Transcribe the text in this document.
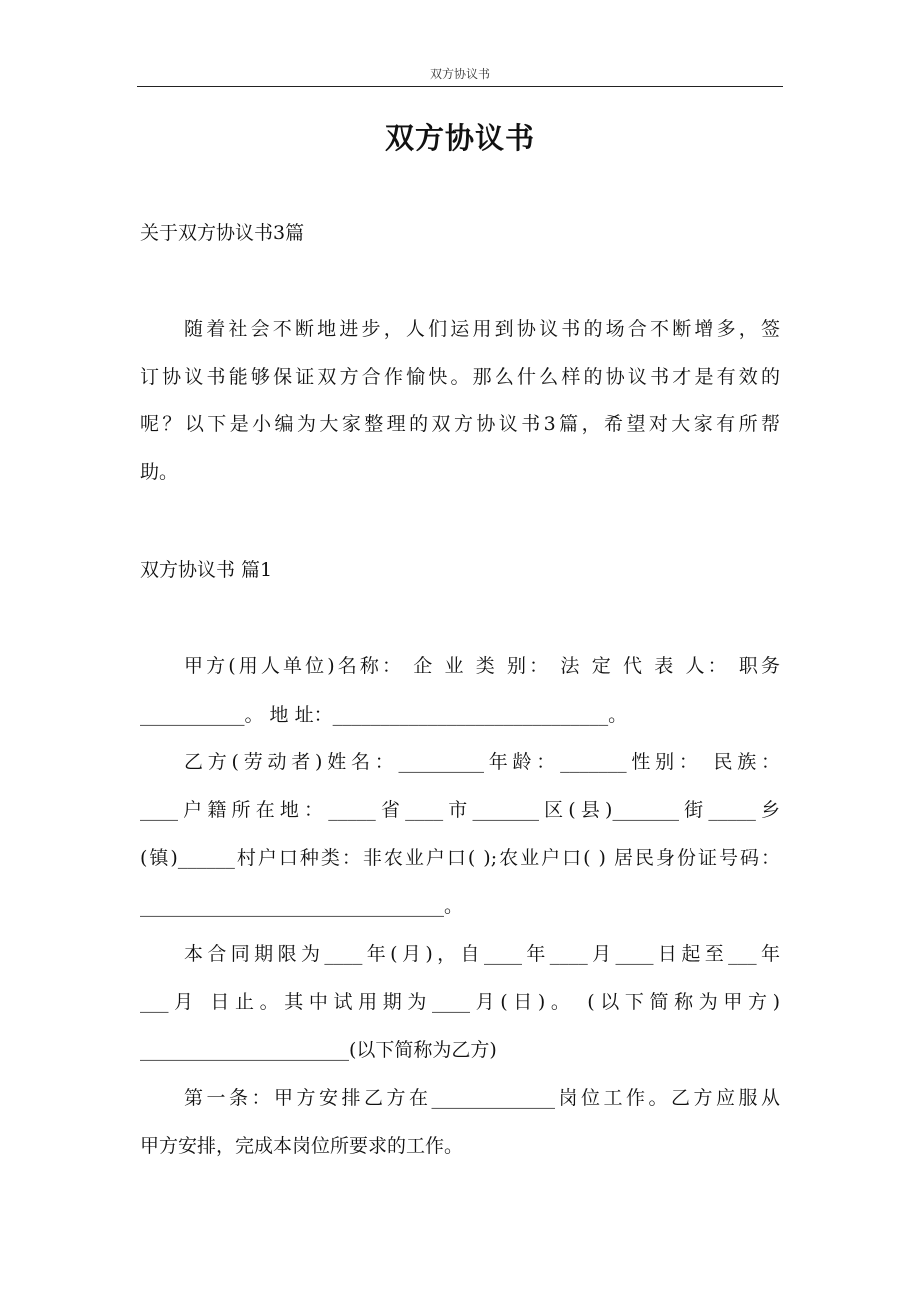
双方协议书
双方协议书
关于双方协议书3篇
随着社会不断地进步，人们运用到协议书的场合不断增多，签
订协议书能够保证双方合作愉快。那么什么样的协议书才是有效的
呢？以下是小编为大家整理的双方协议书3篇，希望对大家有所帮
助。
双方协议书 篇1
甲方(用人单位)名称： 企 业 类 别： 法 定 代 表 人： 职务
___________。 地 址：_____________________________。
乙方(劳动者)姓名：_________年龄：_______性别： 民族：
____户籍所在地：_____省____市_______区(县)_______街_____乡
(镇)______村户口种类：非农业户口( );农业户口( ) 居民身份证号码：
________________________________。
本合同期限为____年(月)，自____年____月____日起至___年
___月 日止。其中试用期为____月(日)。 (以下简称为甲方)
______________________(以下简称为乙方)
第一条：甲方安排乙方在_____________岗位工作。乙方应服从
甲方安排，完成本岗位所要求的工作。
